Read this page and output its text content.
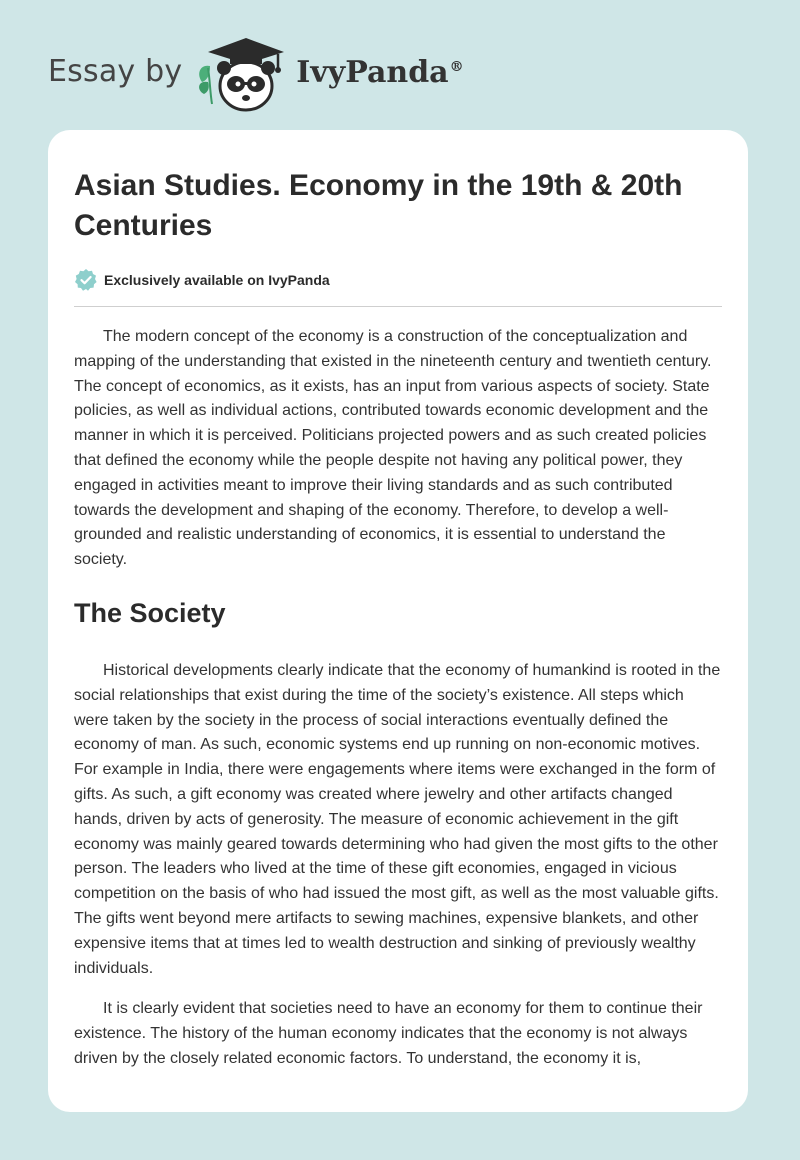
Essay by	IvyPanda®
Asian Studies. Economy in the 19th & 20th Centuries
Exclusively available on IvyPanda

The modern concept of the economy is a construction of the conceptualization and mapping of the understanding that existed in the nineteenth century and twentieth century. The concept of economics, as it exists, has an input from various aspects of society. State policies, as well as individual actions, contributed towards economic development and the manner in which it is perceived. Politicians projected powers and as such created policies that defined the economy while the people despite not having any political power, they engaged in activities meant to improve their living standards and as such contributed towards the development and shaping of the economy. Therefore, to develop a well-grounded and realistic understanding of economics, it is essential to understand the society.

The Society

Historical developments clearly indicate that the economy of humankind is rooted in the social relationships that exist during the time of the society’s existence. All steps which were taken by the society in the process of social interactions eventually defined the economy of man. As such, economic systems end up running on non-economic motives. For example in India, there were engagements where items were exchanged in the form of gifts. As such, a gift economy was created where jewelry and other artifacts changed hands, driven by acts of generosity. The measure of economic achievement in the gift economy was mainly geared towards determining who had given the most gifts to the other person. The leaders who lived at the time of these gift economies, engaged in vicious competition on the basis of who had issued the most gift, as well as the most valuable gifts. The gifts went beyond mere artifacts to sewing machines, expensive blankets, and other expensive items that at times led to wealth destruction and sinking of previously wealthy individuals.

It is clearly evident that societies need to have an economy for them to continue their existence. The history of the human economy indicates that the economy is not always driven by the closely related economic factors. To understand, the economy it is,
